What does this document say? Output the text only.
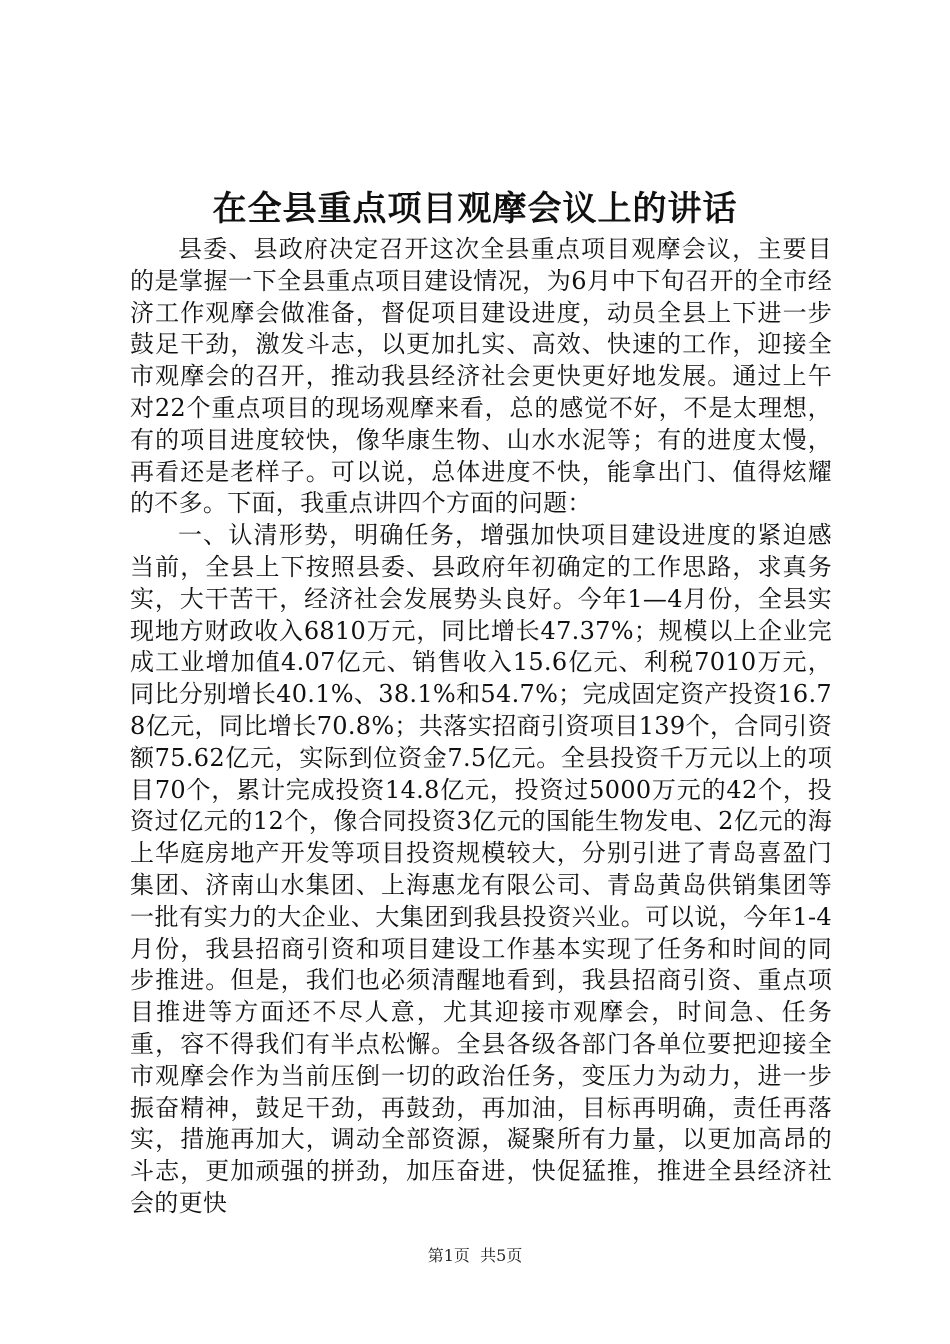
在全县重点项目观摩会议上的讲话

县委、县政府决定召开这次全县重点项目观摩会议，主要目的是掌握一下全县重点项目建设情况，为6月中下旬召开的全市经济工作观摩会做准备，督促项目建设进度，动员全县上下进一步鼓足干劲，激发斗志，以更加扎实、高效、快速的工作，迎接全市观摩会的召开，推动我县经济社会更快更好地发展。通过上午对22个重点项目的现场观摩来看，总的感觉不好，不是太理想，有的项目进度较快，像华康生物、山水水泥等；有的进度太慢，再看还是老样子。可以说，总体进度不快，能拿出门、值得炫耀的不多。下面，我重点讲四个方面的问题：

一、认清形势，明确任务，增强加快项目建设进度的紧迫感当前，全县上下按照县委、县政府年初确定的工作思路，求真务实，大干苦干，经济社会发展势头良好。今年1—4月份，全县实现地方财政收入6810万元，同比增长47.37%；规模以上企业完成工业增加值4.07亿元、销售收入15.6亿元、利税7010万元，同比分别增长40.1%、38.1%和54.7%；完成固定资产投资16.78亿元，同比增长70.8%；共落实招商引资项目139个，合同引资额75.62亿元，实际到位资金7.5亿元。全县投资千万元以上的项目70个，累计完成投资14.8亿元，投资过5000万元的42个，投资过亿元的12个，像合同投资3亿元的国能生物发电、2亿元的海上华庭房地产开发等项目投资规模较大，分别引进了青岛喜盈门集团、济南山水集团、上海惠龙有限公司、青岛黄岛供销集团等一批有实力的大企业、大集团到我县投资兴业。可以说，今年1-4月份，我县招商引资和项目建设工作基本实现了任务和时间的同步推进。但是，我们也必须清醒地看到，我县招商引资、重点项目推进等方面还不尽人意，尤其迎接市观摩会，时间急、任务重，容不得我们有半点松懈。全县各级各部门各单位要把迎接全市观摩会作为当前压倒一切的政治任务，变压力为动力，进一步振奋精神，鼓足干劲，再鼓劲，再加油，目标再明确，责任再落实，措施再加大，调动全部资源，凝聚所有力量，以更加高昂的斗志，更加顽强的拼劲，加压奋进，快促猛推，推进全县经济社会的更快

第1页 共5页
